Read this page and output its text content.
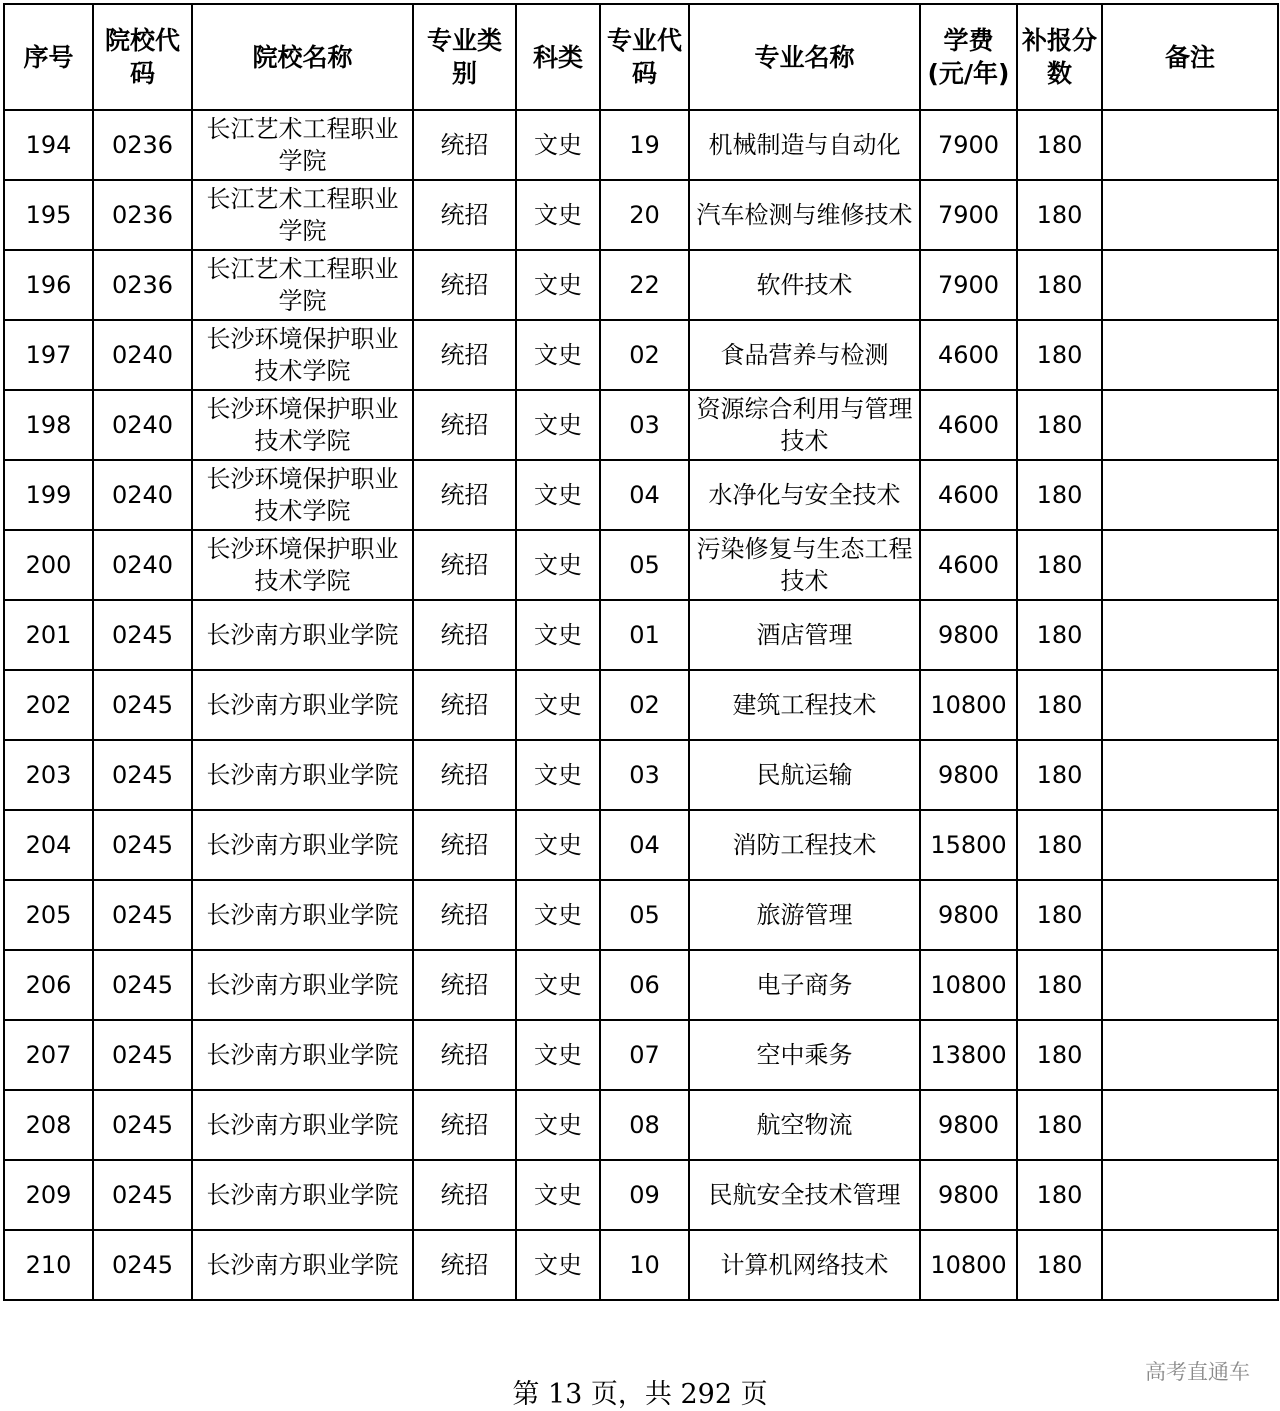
序号	院校代码	院校名称	专业类别	科类	专业代码	专业名称	学费(元/年)	补报分数	备注
194	0236	长江艺术工程职业学院	统招	文史	19	机械制造与自动化	7900	180	
195	0236	长江艺术工程职业学院	统招	文史	20	汽车检测与维修技术	7900	180	
196	0236	长江艺术工程职业学院	统招	文史	22	软件技术	7900	180	
197	0240	长沙环境保护职业技术学院	统招	文史	02	食品营养与检测	4600	180	
198	0240	长沙环境保护职业技术学院	统招	文史	03	资源综合利用与管理技术	4600	180	
199	0240	长沙环境保护职业技术学院	统招	文史	04	水净化与安全技术	4600	180	
200	0240	长沙环境保护职业技术学院	统招	文史	05	污染修复与生态工程技术	4600	180	
201	0245	长沙南方职业学院	统招	文史	01	酒店管理	9800	180	
202	0245	长沙南方职业学院	统招	文史	02	建筑工程技术	10800	180	
203	0245	长沙南方职业学院	统招	文史	03	民航运输	9800	180	
204	0245	长沙南方职业学院	统招	文史	04	消防工程技术	15800	180	
205	0245	长沙南方职业学院	统招	文史	05	旅游管理	9800	180	
206	0245	长沙南方职业学院	统招	文史	06	电子商务	10800	180	
207	0245	长沙南方职业学院	统招	文史	07	空中乘务	13800	180	
208	0245	长沙南方职业学院	统招	文史	08	航空物流	9800	180	
209	0245	长沙南方职业学院	统招	文史	09	民航安全技术管理	9800	180	
210	0245	长沙南方职业学院	统招	文史	10	计算机网络技术	10800	180	
第 13 页，共 292 页
高考直通车
